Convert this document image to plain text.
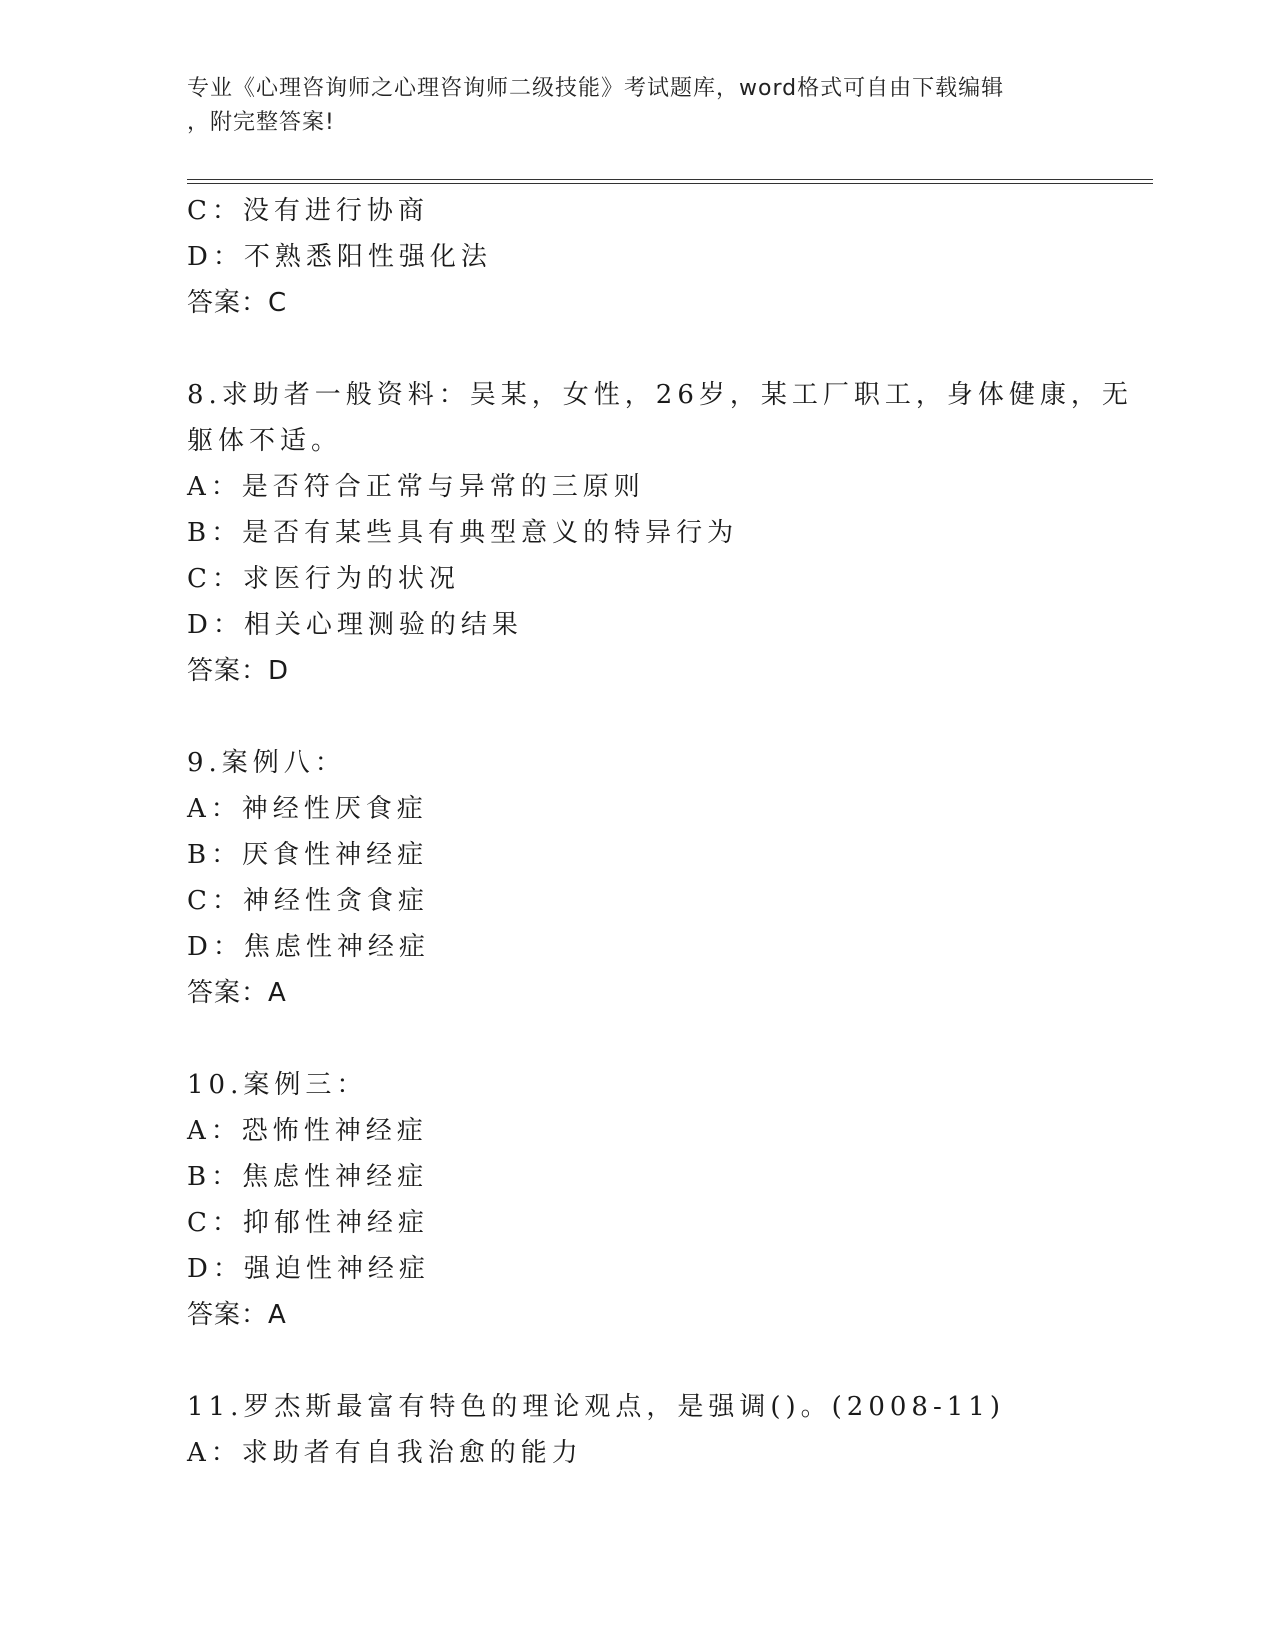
专业《心理咨询师之心理咨询师二级技能》考试题库，word格式可自由下载编辑
，附完整答案!
C：没有进行协商
D：不熟悉阳性强化法
答案：C
8.求助者一般资料：吴某，女性，26岁，某工厂职工，身体健康，无
躯体不适。
A：是否符合正常与异常的三原则
B：是否有某些具有典型意义的特异行为
C：求医行为的状况
D：相关心理测验的结果
答案：D
9.案例八：
A：神经性厌食症
B：厌食性神经症
C：神经性贪食症
D：焦虑性神经症
答案：A
10.案例三：
A：恐怖性神经症
B：焦虑性神经症
C：抑郁性神经症
D：强迫性神经症
答案：A
11.罗杰斯最富有特色的理论观点，是强调()。(2008-11)
A：求助者有自我治愈的能力
